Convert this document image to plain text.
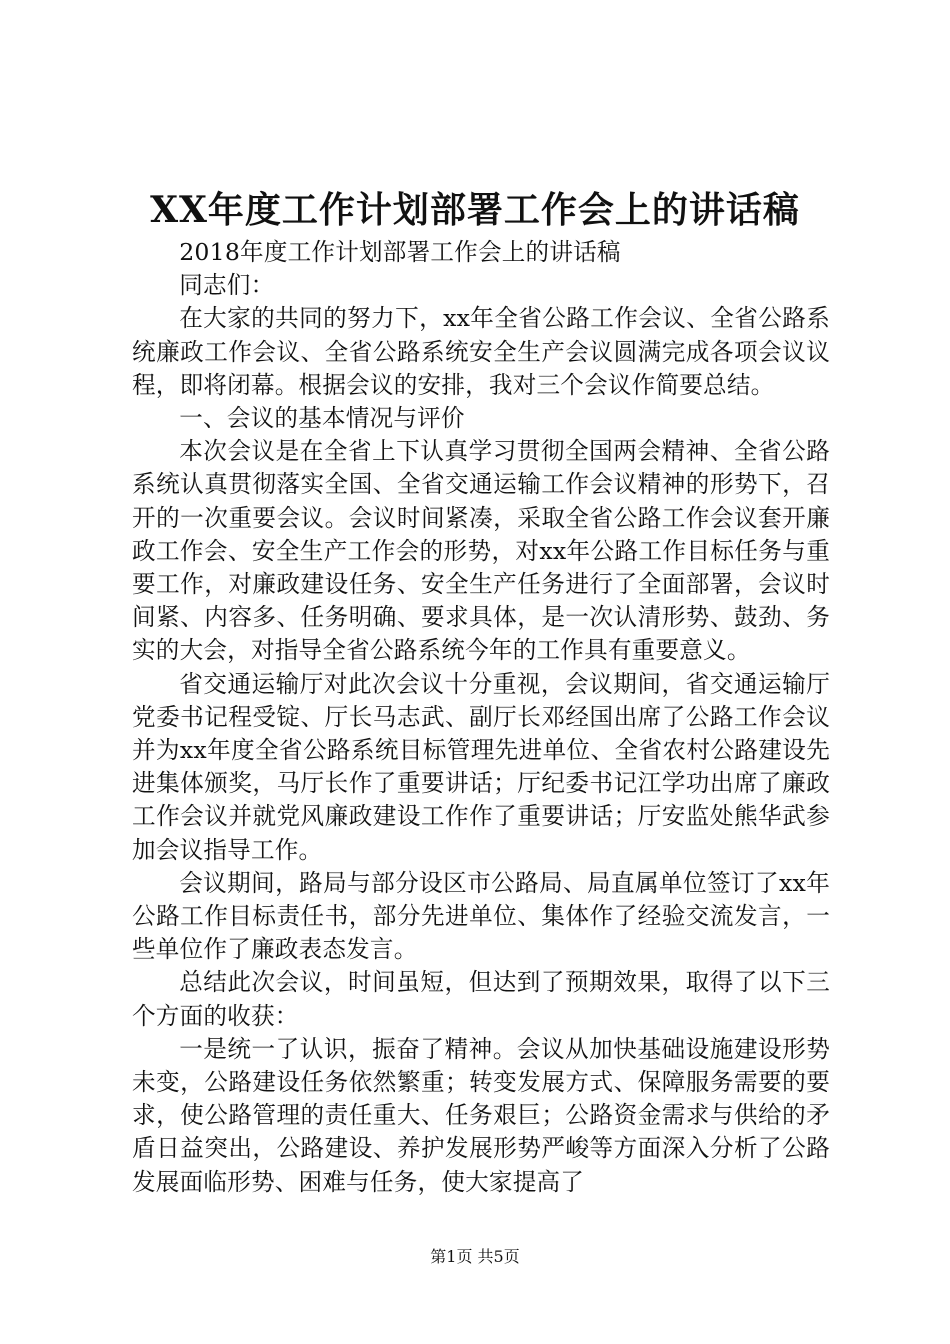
XX年度工作计划部署工作会上的讲话稿

2018年度工作计划部署工作会上的讲话稿

同志们：

在大家的共同的努力下，xx年全省公路工作会议、全省公路系统廉政工作会议、全省公路系统安全生产会议圆满完成各项会议议程，即将闭幕。根据会议的安排，我对三个会议作简要总结。

一、会议的基本情况与评价

本次会议是在全省上下认真学习贯彻全国两会精神、全省公路系统认真贯彻落实全国、全省交通运输工作会议精神的形势下，召开的一次重要会议。会议时间紧凑，采取全省公路工作会议套开廉政工作会、安全生产工作会的形势，对xx年公路工作目标任务与重要工作，对廉政建设任务、安全生产任务进行了全面部署，会议时间紧、内容多、任务明确、要求具体，是一次认清形势、鼓劲、务实的大会，对指导全省公路系统今年的工作具有重要意义。

省交通运输厅对此次会议十分重视，会议期间，省交通运输厅党委书记程受锭、厅长马志武、副厅长邓经国出席了公路工作会议并为xx年度全省公路系统目标管理先进单位、全省农村公路建设先进集体颁奖，马厅长作了重要讲话；厅纪委书记江学功出席了廉政工作会议并就党风廉政建设工作作了重要讲话；厅安监处熊华武参加会议指导工作。

会议期间，路局与部分设区市公路局、局直属单位签订了xx年公路工作目标责任书，部分先进单位、集体作了经验交流发言，一些单位作了廉政表态发言。

总结此次会议，时间虽短，但达到了预期效果，取得了以下三个方面的收获：

一是统一了认识，振奋了精神。会议从加快基础设施建设形势未变，公路建设任务依然繁重；转变发展方式、保障服务需要的要求，使公路管理的责任重大、任务艰巨；公路资金需求与供给的矛盾日益突出，公路建设、养护发展形势严峻等方面深入分析了公路发展面临形势、困难与任务，使大家提高了

第1页 共5页
